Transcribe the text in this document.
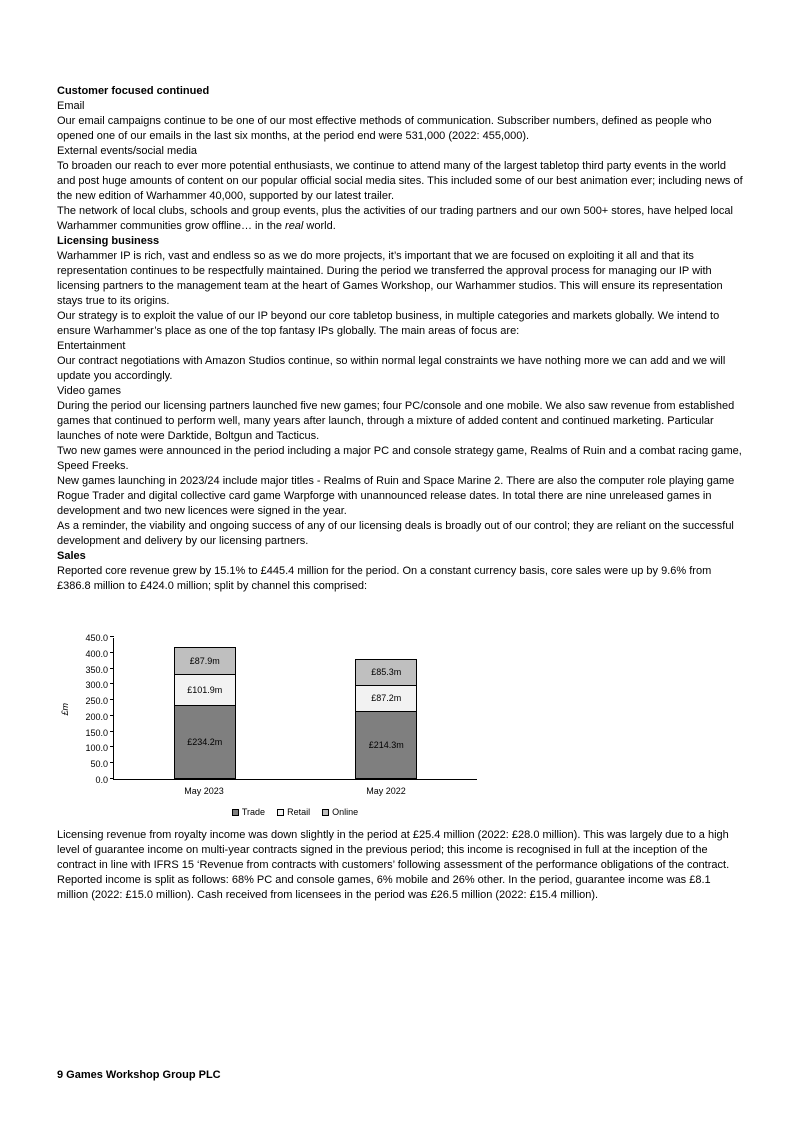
Customer focused continued

Email

Our email campaigns continue to be one of our most effective methods of communication. Subscriber numbers, defined as people who opened one of our emails in the last six months, at the period end were 531,000 (2022: 455,000).

External events/social media

To broaden our reach to ever more potential enthusiasts, we continue to attend many of the largest tabletop third party events in the world and post huge amounts of content on our popular official social media sites. This included some of our best animation ever; including news of the new edition of Warhammer 40,000, supported by our latest trailer.

The network of local clubs, schools and group events, plus the activities of our trading partners and our own 500+ stores, have helped local Warhammer communities grow offline… in the real world.

Licensing business

Warhammer IP is rich, vast and endless so as we do more projects, it’s important that we are focused on exploiting it all and that its representation continues to be respectfully maintained. During the period we transferred the approval process for managing our IP with licensing partners to the management team at the heart of Games Workshop, our Warhammer studios. This will ensure its representation stays true to its origins.

Our strategy is to exploit the value of our IP beyond our core tabletop business, in multiple categories and markets globally. We intend to ensure Warhammer’s place as one of the top fantasy IPs globally. The main areas of focus are:

Entertainment

Our contract negotiations with Amazon Studios continue, so within normal legal constraints we have nothing more we can add and we will update you accordingly.

Video games

During the period our licensing partners launched five new games; four PC/console and one mobile. We also saw revenue from established games that continued to perform well, many years after launch, through a mixture of added content and continued marketing. Particular launches of note were Darktide, Boltgun and Tacticus.

Two new games were announced in the period including a major PC and console strategy game, Realms of Ruin and a combat racing game, Speed Freeks.

New games launching in 2023/24 include major titles - Realms of Ruin and Space Marine 2. There are also the computer role playing game Rogue Trader and digital collective card game Warpforge with unannounced release dates. In total there are nine unreleased games in development and two new licences were signed in the year.

As a reminder, the viability and ongoing success of any of our licensing deals is broadly out of our control; they are reliant on the successful development and delivery by our licensing partners.

Sales

Reported core revenue grew by 15.1% to £445.4 million for the period. On a constant currency basis, core sales were up by 9.6% from £386.8 million to £424.0 million; split by channel this comprised:

£m
0.0
50.0
100.0
150.0
200.0
250.0
300.0
350.0
400.0
450.0
£234.2m
£101.9m
£87.9m
£214.3m
£87.2m
£85.3m
May 2023	May 2022
Trade Retail Online

Licensing revenue from royalty income was down slightly in the period at £25.4 million (2022: £28.0 million). This was largely due to a high level of guarantee income on multi-year contracts signed in the previous period; this income is recognised in full at the inception of the contract in line with IFRS 15 ‘Revenue from contracts with customers’ following assessment of the performance obligations of the contract. Reported income is split as follows: 68% PC and console games, 6% mobile and 26% other. In the period, guarantee income was £8.1 million (2022: £15.0 million). Cash received from licensees in the period was £26.5 million (2022: £15.4 million).

9 Games Workshop Group PLC
